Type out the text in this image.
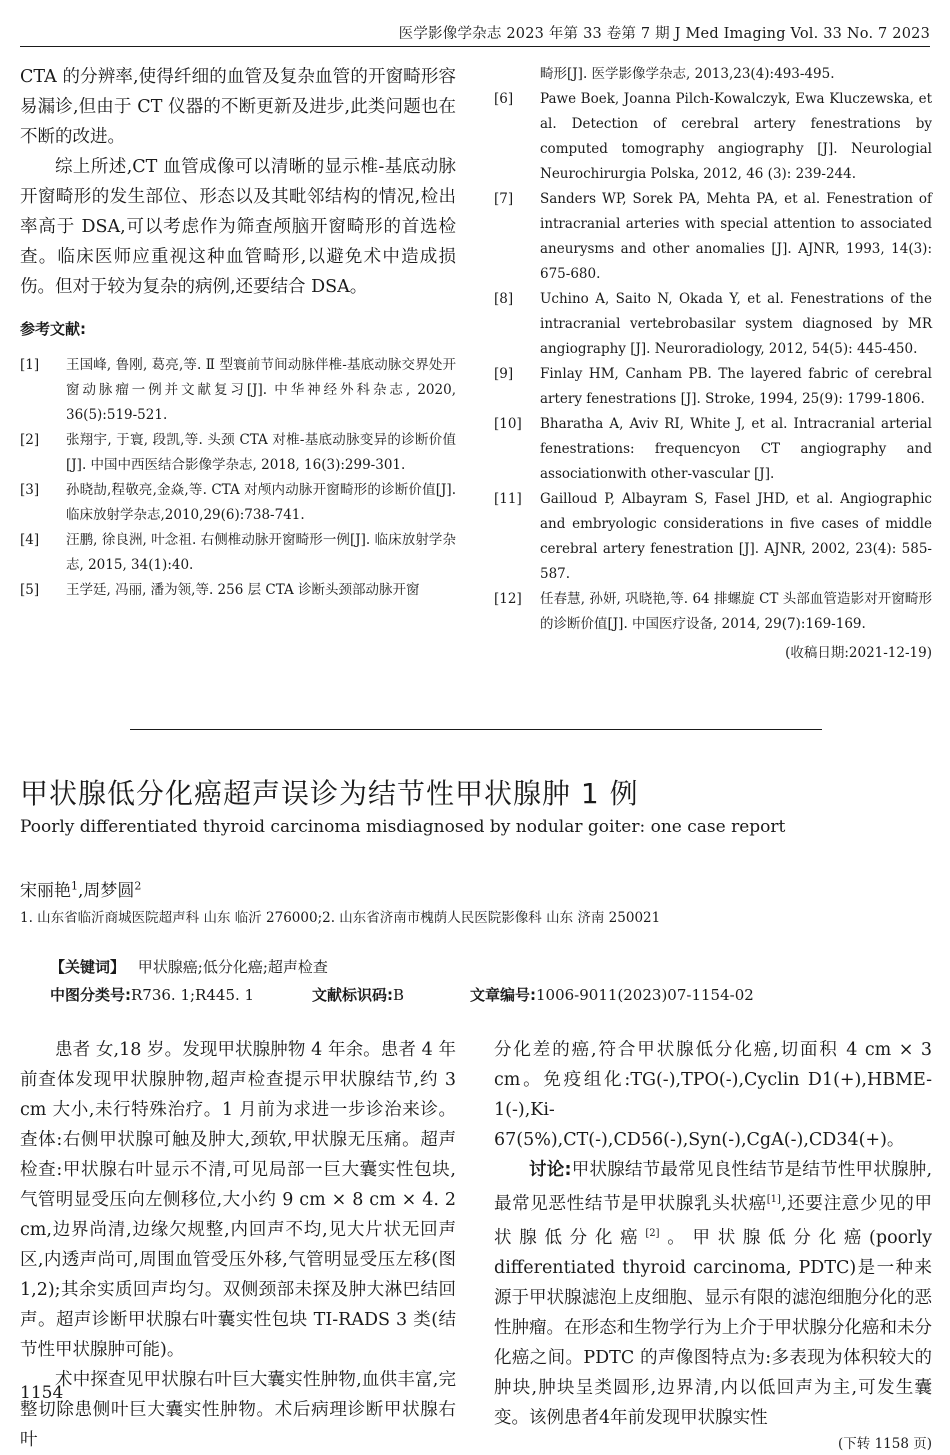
医学影像学杂志 2023 年第 33 卷第 7 期 J Med Imaging Vol. 33 No. 7 2023

CTA 的分辨率,使得纤细的血管及复杂血管的开窗畸形容易漏诊,但由于 CT 仪器的不断更新及进步,此类问题也在不断的改进。

综上所述,CT 血管成像可以清晰的显示椎-基底动脉开窗畸形的发生部位、形态以及其毗邻结构的情况,检出率高于 DSA,可以考虑作为筛查颅脑开窗畸形的首选检查。临床医师应重视这种血管畸形,以避免术中造成损伤。但对于较为复杂的病例,还要结合 DSA。

参考文献:
[1]	王国峰, 鲁刚, 葛亮,等. Ⅱ 型寰前节间动脉伴椎-基底动脉交界处开窗动脉瘤一例并文献复习[J]. 中华神经外科杂志, 2020, 36(5):519-521.
[2]	张翔宇, 于寰, 段凯,等. 头颈 CTA 对椎-基底动脉变异的诊断价值[J]. 中国中西医结合影像学杂志, 2018, 16(3):299-301.
[3]	孙晓劼,程敬亮,金焱,等. CTA 对颅内动脉开窗畸形的诊断价值[J].临床放射学杂志,2010,29(6):738-741.
[4]	汪鹏, 徐良洲, 叶念祖. 右侧椎动脉开窗畸形一例[J]. 临床放射学杂志, 2015, 34(1):40.
[5]	王学廷, 冯丽, 潘为领,等. 256 层 CTA 诊断头颈部动脉开窗
畸形[J]. 医学影像学杂志, 2013,23(4):493-495.
[6]	Pawe Boek, Joanna Pilch-Kowalczyk, Ewa Kluczewska, et al. Detection of cerebral artery fenestrations by computed tomography angiography [J]. Neurologial Neurochirurgia Polska, 2012, 46 (3): 239-244.
[7]	Sanders WP, Sorek PA, Mehta PA, et al. Fenestration of intracranial arteries with special attention to associated aneurysms and other anomalies [J]. AJNR, 1993, 14(3): 675-680.
[8]	Uchino A, Saito N, Okada Y, et al. Fenestrations of the intracranial vertebrobasilar system diagnosed by MR angiography [J]. Neuroradiology, 2012, 54(5): 445-450.
[9]	Finlay HM, Canham PB. The layered fabric of cerebral artery fenestrations [J]. Stroke, 1994, 25(9): 1799-1806.
[10]	Bharatha A, Aviv RI, White J, et al. Intracranial arterial fenestrations: frequencyon CT angiography and associationwith other-vascular [J].
[11]	Gailloud P, Albayram S, Fasel JHD, et al. Angiographic and embryologic considerations in five cases of middle cerebral artery fenestration [J]. AJNR, 2002, 23(4): 585-587.
[12]	任春慧, 孙妍, 巩晓艳,等. 64 排螺旋 CT 头部血管造影对开窗畸形的诊断价值[J]. 中国医疗设备, 2014, 29(7):169-169.
(收稿日期:2021-12-19)
甲状腺低分化癌超声误诊为结节性甲状腺肿 1 例
Poorly differentiated thyroid carcinoma misdiagnosed by nodular goiter: one case report
宋丽艳$^1$,周梦圆$^2$
1. 山东省临沂商城医院超声科 山东 临沂 276000;2. 山东省济南市槐荫人民医院影像科 山东 济南 250021
【关键词】 甲状腺癌;低分化癌;超声检查
中图分类号:R736. 1;R445. 1	文献标识码:B	文章编号:1006-9011(2023)07-1154-02

患者 女,18 岁。发现甲状腺肿物 4 年余。患者 4 年前查体发现甲状腺肿物,超声检查提示甲状腺结节,约 3 cm 大小,未行特殊治疗。1 月前为求进一步诊治来诊。查体:右侧甲状腺可触及肿大,颈软,甲状腺无压痛。超声检查:甲状腺右叶显示不清,可见局部一巨大囊实性包块,气管明显受压向左侧移位,大小约 9 cm × 8 cm × 4. 2 cm,边界尚清,边缘欠规整,内回声不均,见大片状无回声区,内透声尚可,周围血管受压外移,气管明显受压左移(图 1,2);其余实质回声均匀。双侧颈部未探及肿大淋巴结回声。超声诊断甲状腺右叶囊实性包块 TI-RADS 3 类(结节性甲状腺肿可能)。

术中探查见甲状腺右叶巨大囊实性肿物,血供丰富,完整切除患侧叶巨大囊实性肿物。术后病理诊断甲状腺右叶

分化差的癌,符合甲状腺低分化癌,切面积 4 cm × 3 cm。免疫组化:TG(-),TPO(-),Cyclin D1(+),HBME-1(-),Ki-67(5%),CT(-),CD56(-),Syn(-),CgA(-),CD34(+)。

讨论:甲状腺结节最常见良性结节是结节性甲状腺肿,最常见恶性结节是甲状腺乳头状癌[1],还要注意少见的甲状腺低分化癌[2]。甲状腺低分化癌(poorly differentiated thyroid carcinoma, PDTC)是一种来源于甲状腺滤泡上皮细胞、显示有限的滤泡细胞分化的恶性肿瘤。在形态和生物学行为上介于甲状腺分化癌和未分化癌之间。PDTC 的声像图特点为:多表现为体积较大的肿块,肿块呈类圆形,边界清,内以低回声为主,可发生囊变。该例患者4年前发现甲状腺实性

(下转 1158 页)
1154
